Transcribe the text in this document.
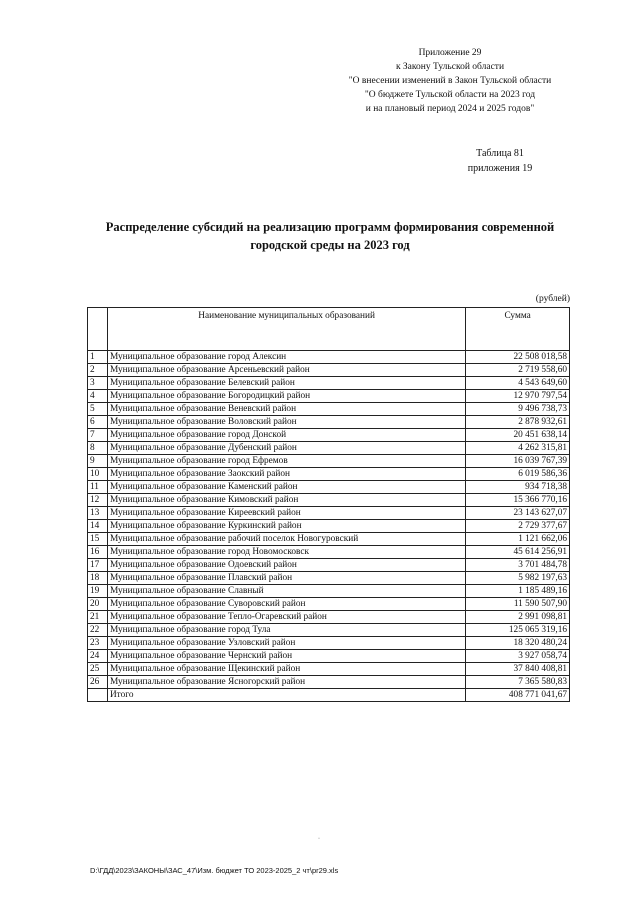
Приложение 29
к Закону Тульской области
"О внесении изменений в Закон Тульской области
"О бюджете Тульской области на 2023 год
и на плановый период 2024 и 2025 годов"
Таблица 81
приложения 19
Распределение субсидий на реализацию программ формирования современной
городской среды на 2023 год
(рублей)
	Наименование муниципальных образований	Сумма
1	Муниципальное образование город Алексин	22 508 018,58
2	Муниципальное образование Арсеньевский район	2 719 558,60
3	Муниципальное образование Белевский район	4 543 649,60
4	Муниципальное образование Богородицкий район	12 970 797,54
5	Муниципальное образование Веневский район	9 496 738,73
6	Муниципальное образование Воловский район	2 878 932,61
7	Муниципальное образование город Донской	20 451 638,14
8	Муниципальное образование Дубенский район	4 262 315,81
9	Муниципальное образование город Ефремов	16 039 767,39
10	Муниципальное образование Заокский район	6 019 586,36
11	Муниципальное образование Каменский район	934 718,38
12	Муниципальное образование Кимовский район	15 366 770,16
13	Муниципальное образование Киреевский район	23 143 627,07
14	Муниципальное образование Куркинский район	2 729 377,67
15	Муниципальное образование рабочий поселок Новогуровский	1 121 662,06
16	Муниципальное образование город Новомосковск	45 614 256,91
17	Муниципальное образование Одоевский район	3 701 484,78
18	Муниципальное образование Плавский район	5 982 197,63
19	Муниципальное образование Славный	1 185 489,16
20	Муниципальное образование Суворовский район	11 590 507,90
21	Муниципальное образование Тепло-Огаревский район	2 991 098,81
22	Муниципальное образование город Тула	125 065 319,16
23	Муниципальное образование Узловский район	18 320 480,24
24	Муниципальное образование Чернский район	3 927 058,74
25	Муниципальное образование Щекинский район	37 840 408,81
26	Муниципальное образование Ясногорский район	7 365 580,83
	Итого	408 771 041,67
·
D:\ГДД\2023\ЗАКОНЫ\ЗАС_47\Изм. бюджет ТО 2023-2025_2 чт\pr29.xls
